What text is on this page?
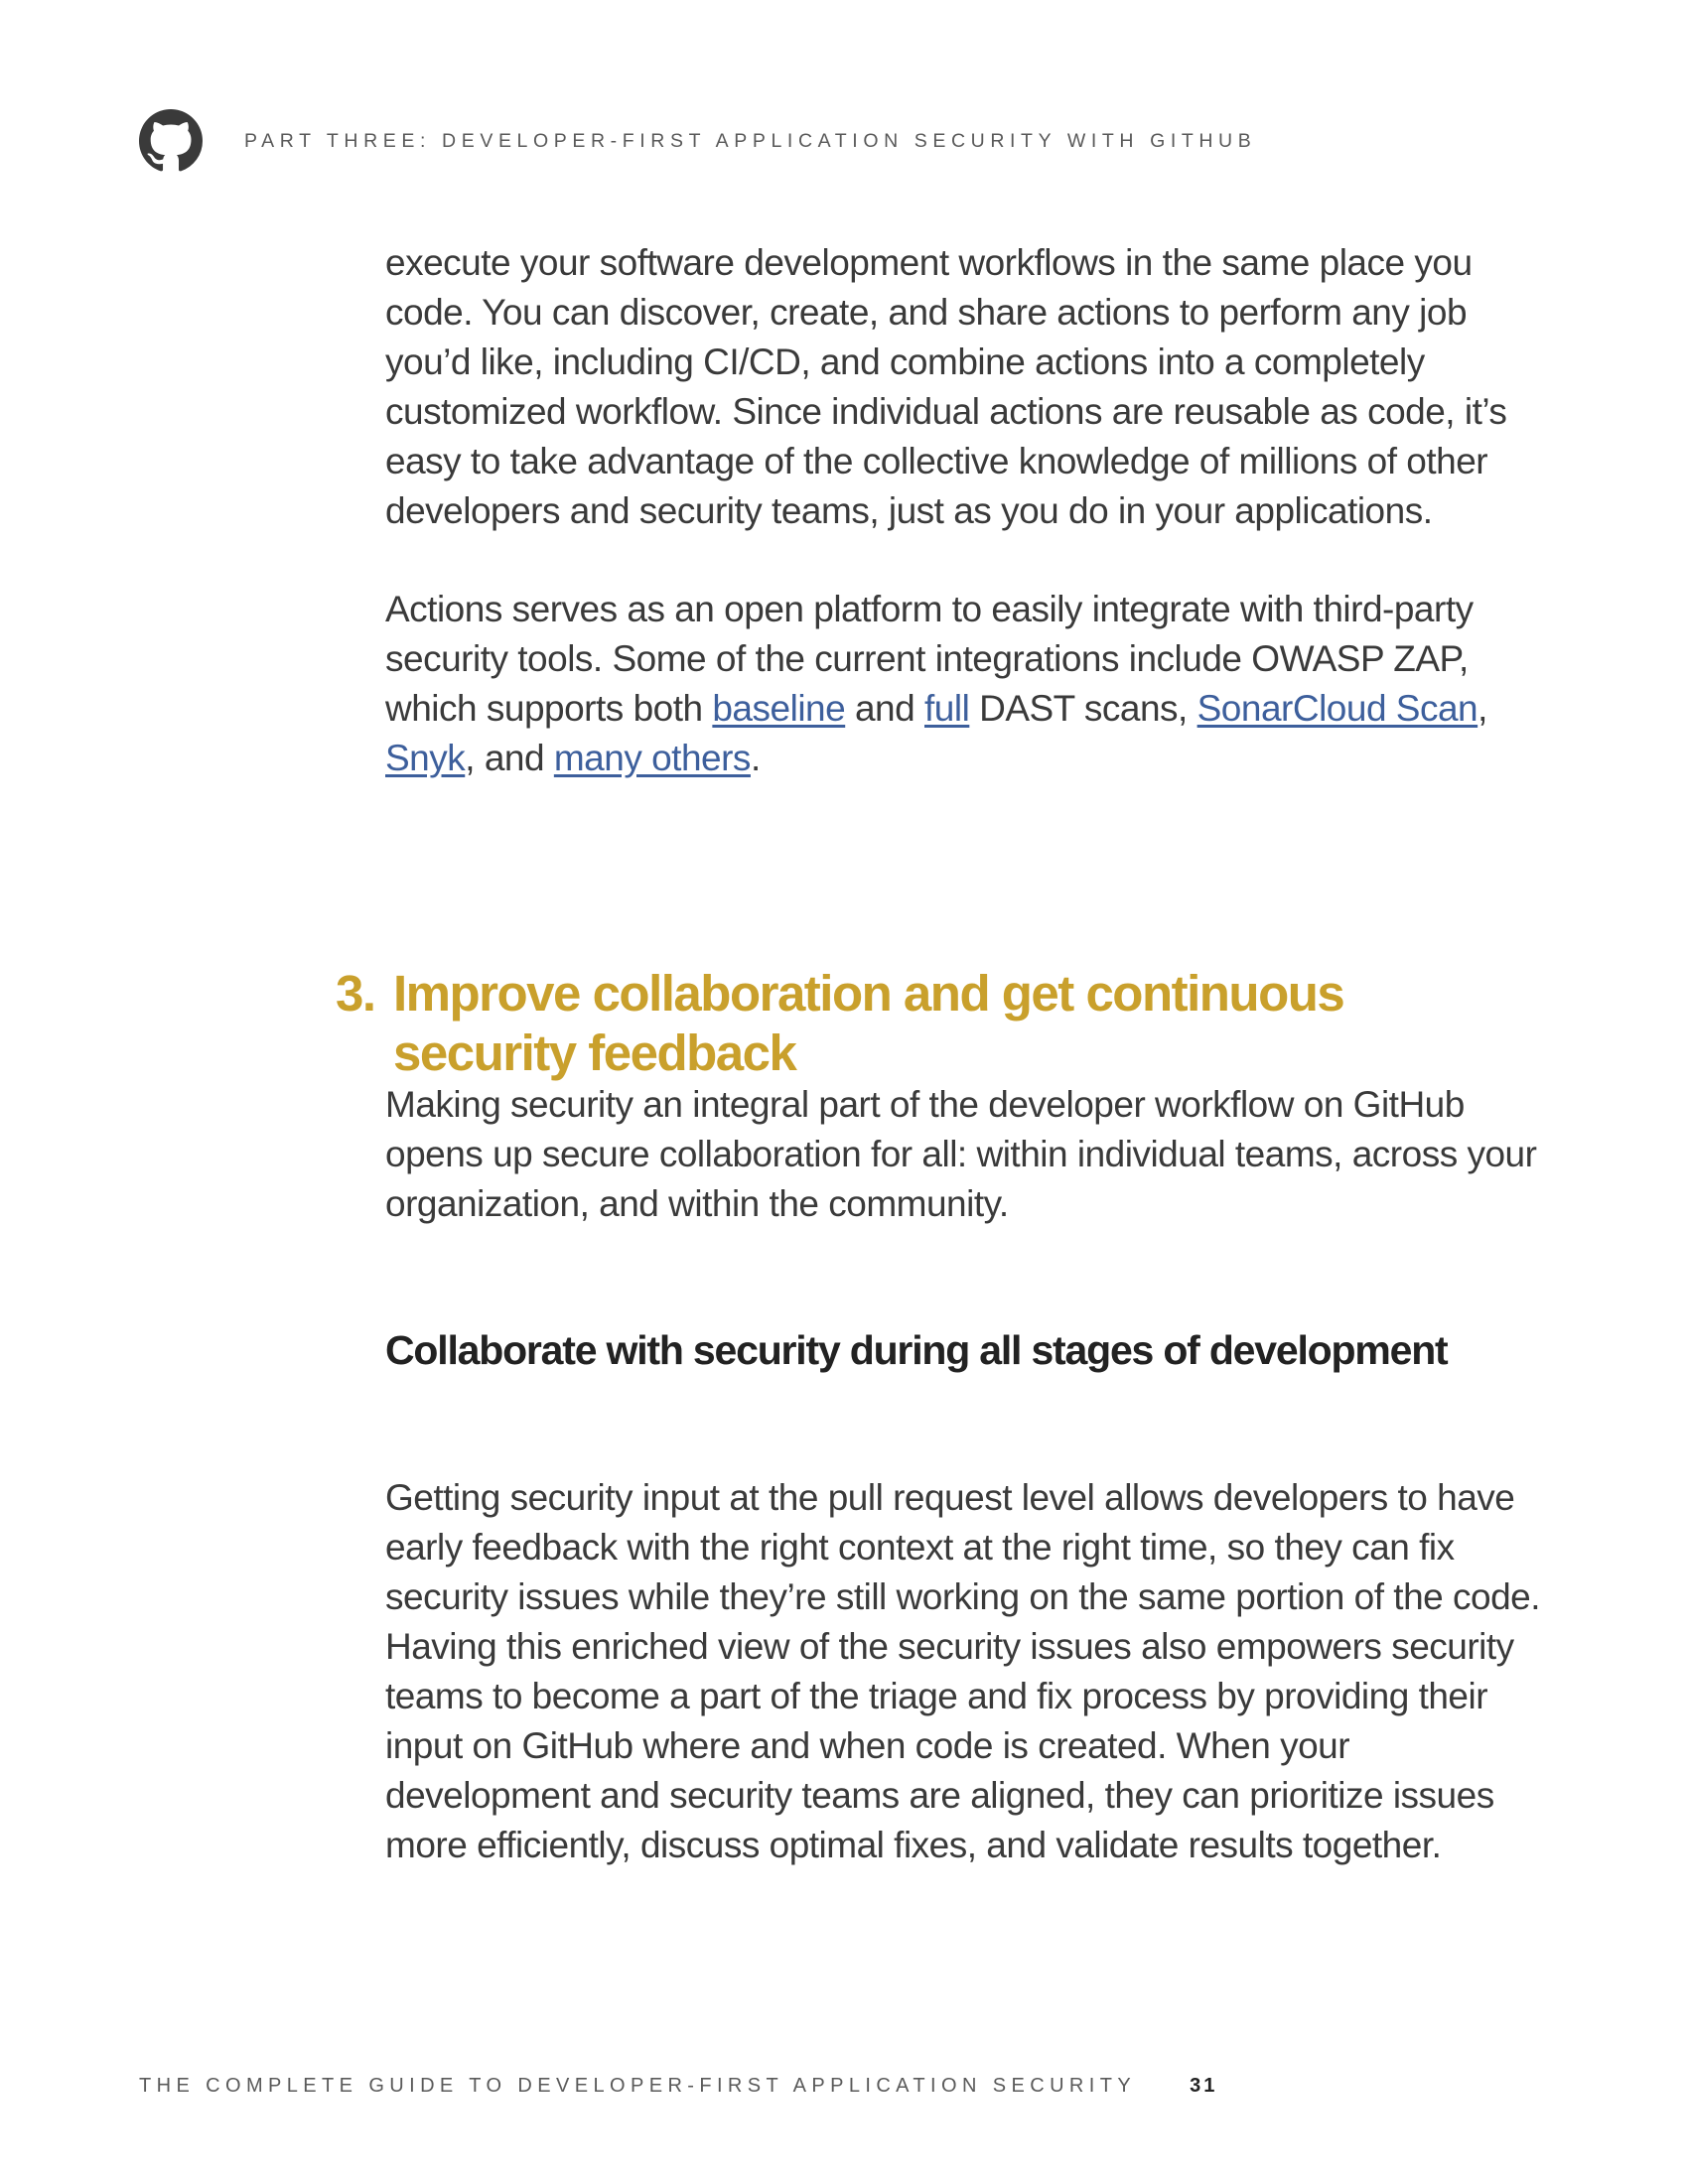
PART THREE: DEVELOPER-FIRST APPLICATION SECURITY WITH GITHUB

execute your software development workflows in the same place you code. You can discover, create, and share actions to perform any job you’d like, including CI/CD, and combine actions into a completely customized workflow. Since individual actions are reusable as code, it’s easy to take advantage of the collective knowledge of millions of other developers and security teams, just as you do in your applications.

Actions serves as an open platform to easily integrate with third-party security tools. Some of the current integrations include OWASP ZAP, which supports both baseline and full DAST scans, SonarCloud Scan, Snyk, and many others.

3. Improve collaboration and get continuous security feedback

Making security an integral part of the developer workflow on GitHub opens up secure collaboration for all: within individual teams, across your organization, and within the community.

Collaborate with security during all stages of development

Getting security input at the pull request level allows developers to have early feedback with the right context at the right time, so they can fix security issues while they’re still working on the same portion of the code. Having this enriched view of the security issues also empowers security teams to become a part of the triage and fix process by providing their input on GitHub where and when code is created. When your development and security teams are aligned, they can prioritize issues more efficiently, discuss optimal fixes, and validate results together.

THE COMPLETE GUIDE TO DEVELOPER-FIRST APPLICATION SECURITY	31
